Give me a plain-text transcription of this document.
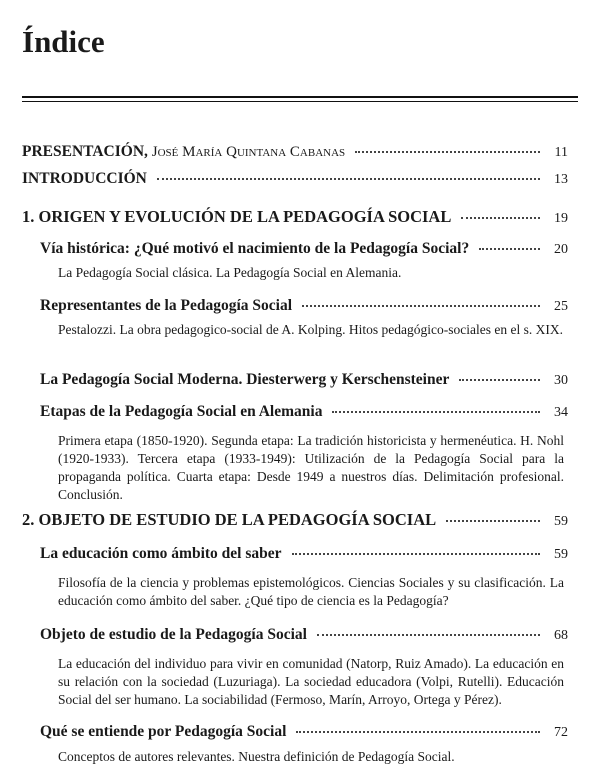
Índice
PRESENTACIÓN, José María Quintana Cabanas	11
INTRODUCCIÓN	13
1. ORIGEN Y EVOLUCIÓN DE LA PEDAGOGÍA SOCIAL	19
Vía histórica: ¿Qué motivó el nacimiento de la Pedagogía Social?	20
La Pedagogía Social clásica. La Pedagogía Social en Alemania.
Representantes de la Pedagogía Social	25
Pestalozzi. La obra pedagogico-social de A. Kolping. Hitos pedagógico-sociales en el s. XIX.
La Pedagogía Social Moderna. Diesterwerg y Kerschensteiner	30
Etapas de la Pedagogía Social en Alemania	34
Primera etapa (1850-1920). Segunda etapa: La tradición historicista y hermenéutica. H. Nohl (1920-1933). Tercera etapa (1933-1949): Utilización de la Pedagogía Social para la propaganda política. Cuarta etapa: Desde 1949 a nuestros días. Delimitación profesional. Conclusión.
2. OBJETO DE ESTUDIO DE LA PEDAGOGÍA SOCIAL	59
La educación como ámbito del saber	59
Filosofía de la ciencia y problemas epistemológicos. Ciencias Sociales y su clasificación. La educación como ámbito del saber. ¿Qué tipo de ciencia es la Pedagogía?
Objeto de estudio de la Pedagogía Social	68
La educación del individuo para vivir en comunidad (Natorp, Ruiz Amado). La educación en su relación con la sociedad (Luzuriaga). La sociedad educadora (Volpi, Rutelli). Educación Social del ser humano. La sociabilidad (Fermoso, Marín, Arroyo, Ortega y Pérez).
Qué se entiende por Pedagogía Social	72
Conceptos de autores relevantes. Nuestra definición de Pedagogía Social.
